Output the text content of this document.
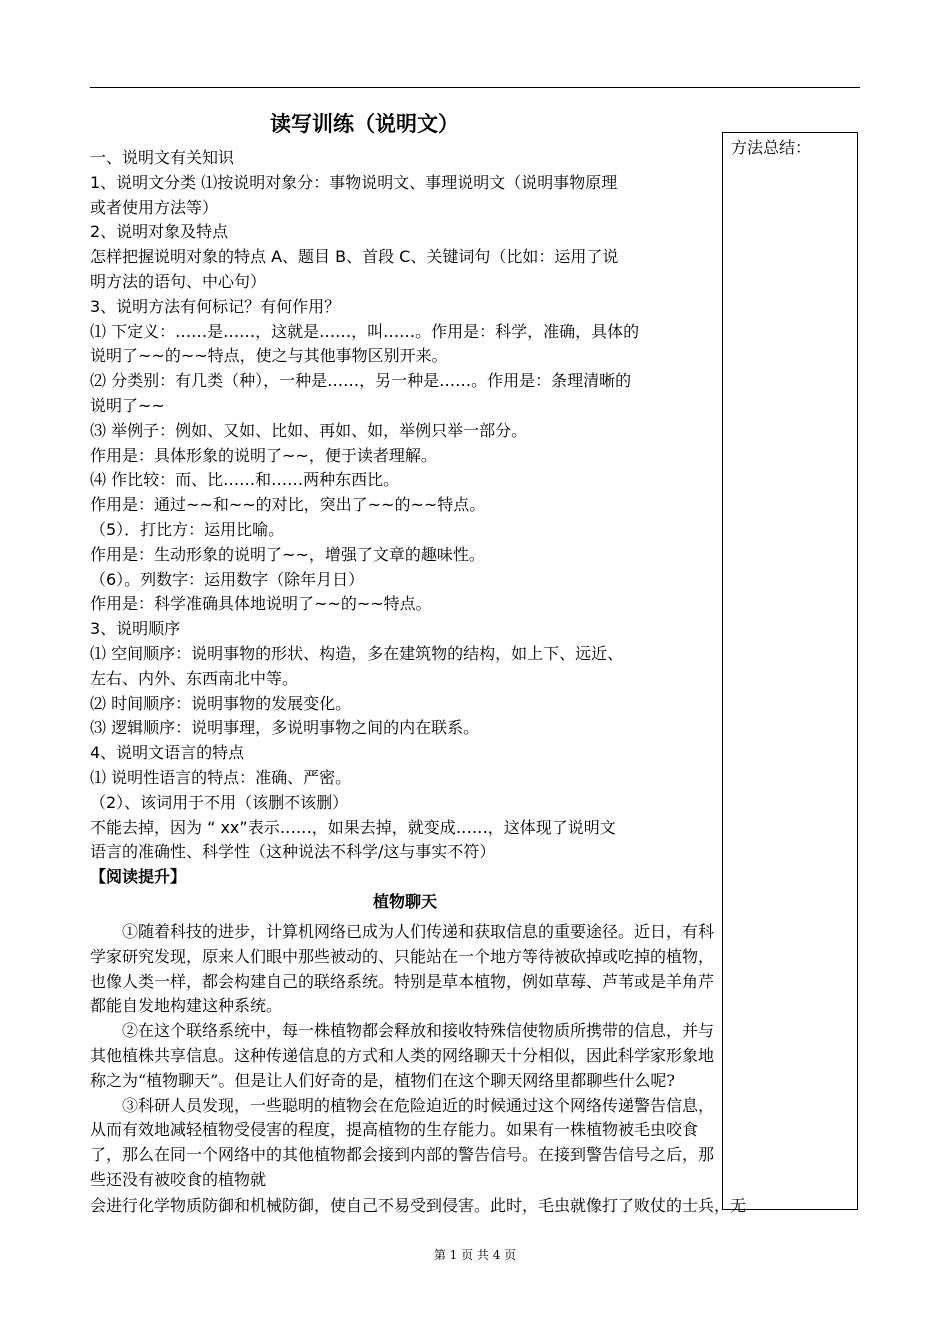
读写训练（说明文）
方法总结：
一、说明文有关知识
1、说明文分类 ⑴按说明对象分：事物说明文、事理说明文（说明事物原理
或者使用方法等）
2、说明对象及特点
怎样把握说明对象的特点 A、题目 B、首段 C、关键词句（比如：运用了说
明方法的语句、中心句）
3、说明方法有何标记？有何作用？
⑴ 下定义：……是……，这就是……，叫……。作用是：科学，准确，具体的
说明了~~的~~特点，使之与其他事物区别开来。
⑵ 分类别：有几类（种），一种是……，另一种是……。作用是：条理清晰的
说明了~~
⑶ 举例子：例如、又如、比如、再如、如，举例只举一部分。
作用是：具体形象的说明了~~，便于读者理解。
⑷ 作比较：而、比……和……两种东西比。
作用是：通过~~和~~的对比，突出了~~的~~特点。
（5）．打比方：运用比喻。
作用是：生动形象的说明了~~，增强了文章的趣味性。
（6）。列数字：运用数字（除年月日）
作用是：科学准确具体地说明了~~的~~特点。
3、说明顺序
⑴ 空间顺序：说明事物的形状、构造，多在建筑物的结构，如上下、远近、
左右、内外、东西南北中等。
⑵ 时间顺序：说明事物的发展变化。
⑶ 逻辑顺序：说明事理，多说明事物之间的内在联系。
4、说明文语言的特点
⑴ 说明性语言的特点：准确、严密。
（2）、该词用于不用（该删不该删）
不能去掉，因为 “ xx”表示……，如果去掉，就变成……，这体现了说明文
语言的准确性、科学性（这种说法不科学/这与事实不符）
【阅读提升】
植物聊天

①随着科技的进步，计算机网络已成为人们传递和获取信息的重要途径。近日，有科学家研究发现，原来人们眼中那些被动的、只能站在一个地方等待被砍掉或吃掉的植物，也像人类一样，都会构建自己的联络系统。特别是草本植物，例如草莓、芦苇或是羊角芹都能自发地构建这种系统。

②在这个联络系统中，每一株植物都会释放和接收特殊信使物质所携带的信息，并与其他植株共享信息。这种传递信息的方式和人类的网络聊天十分相似，因此科学家形象地称之为“植物聊天”。但是让人们好奇的是，植物们在这个聊天网络里都聊些什么呢?

③科研人员发现，一些聪明的植物会在危险迫近的时候通过这个网络传递警告信息，从而有效地减轻植物受侵害的程度，提高植物的生存能力。如果有一株植物被毛虫咬食了，那么在同一个网络中的其他植物都会接到内部的警告信号。在接到警告信号之后，那些还没有被咬食的植物就

会进行化学物质防御和机械防御，使自己不易受到侵害。此时，毛虫就像打了败仗的士兵，无
第 1 页 共 4 页
